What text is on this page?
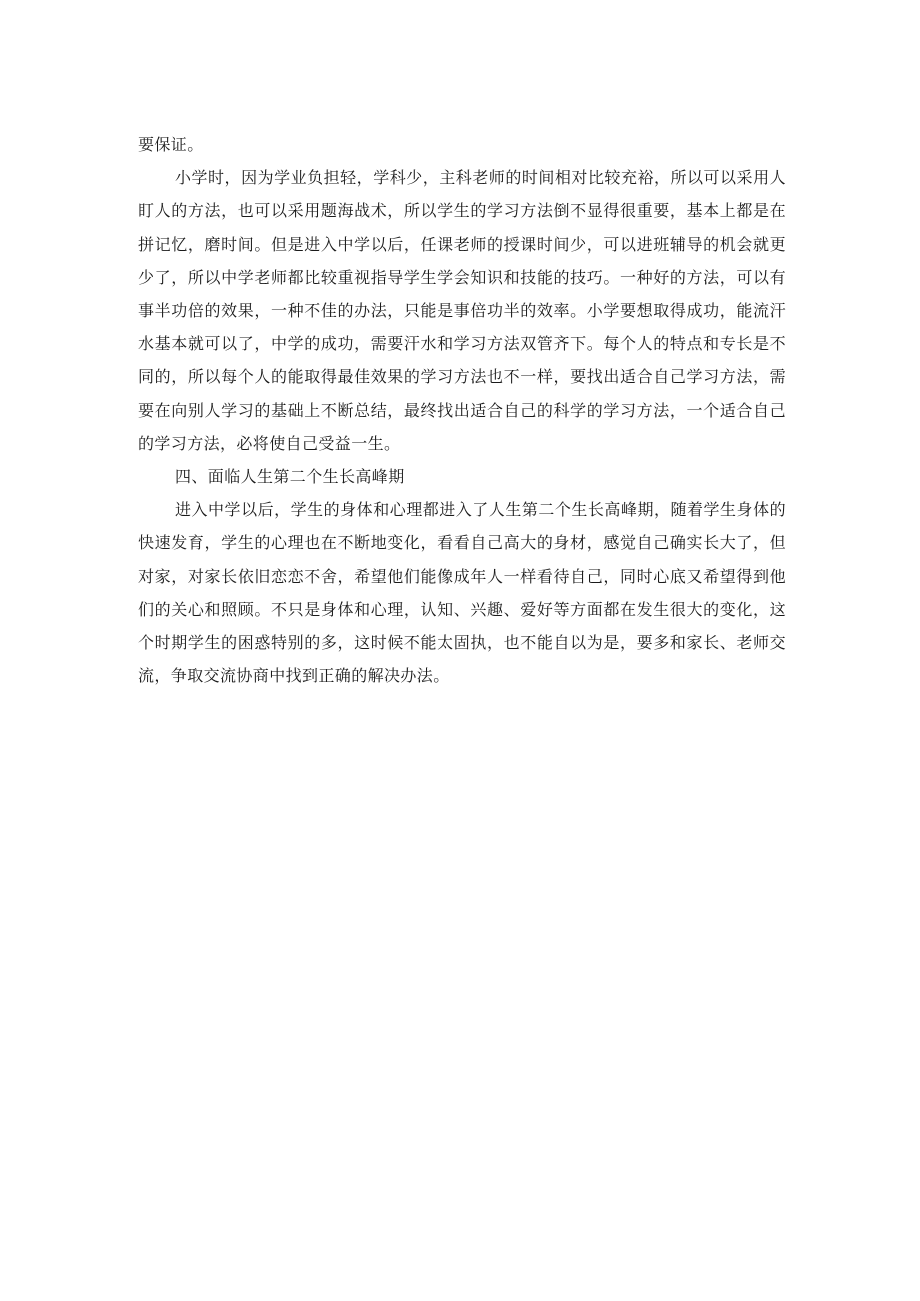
要保证。

小学时，因为学业负担轻，学科少，主科老师的时间相对比较充裕，所以可以采用人盯人的方法，也可以采用题海战术，所以学生的学习方法倒不显得很重要，基本上都是在拼记忆，磨时间。但是进入中学以后，任课老师的授课时间少，可以进班辅导的机会就更少了，所以中学老师都比较重视指导学生学会知识和技能的技巧。一种好的方法，可以有事半功倍的效果，一种不佳的办法，只能是事倍功半的效率。小学要想取得成功，能流汗水基本就可以了，中学的成功，需要汗水和学习方法双管齐下。每个人的特点和专长是不同的，所以每个人的能取得最佳效果的学习方法也不一样，要找出适合自己学习方法，需要在向别人学习的基础上不断总结，最终找出适合自己的科学的学习方法，一个适合自己的学习方法，必将使自己受益一生。

四、面临人生第二个生长高峰期

进入中学以后，学生的身体和心理都进入了人生第二个生长高峰期，随着学生身体的快速发育，学生的心理也在不断地变化，看看自己高大的身材，感觉自己确实长大了，但对家，对家长依旧恋恋不舍，希望他们能像成年人一样看待自己，同时心底又希望得到他们的关心和照顾。不只是身体和心理，认知、兴趣、爱好等方面都在发生很大的变化，这个时期学生的困惑特别的多，这时候不能太固执，也不能自以为是，要多和家长、老师交流，争取交流协商中找到正确的解决办法。
